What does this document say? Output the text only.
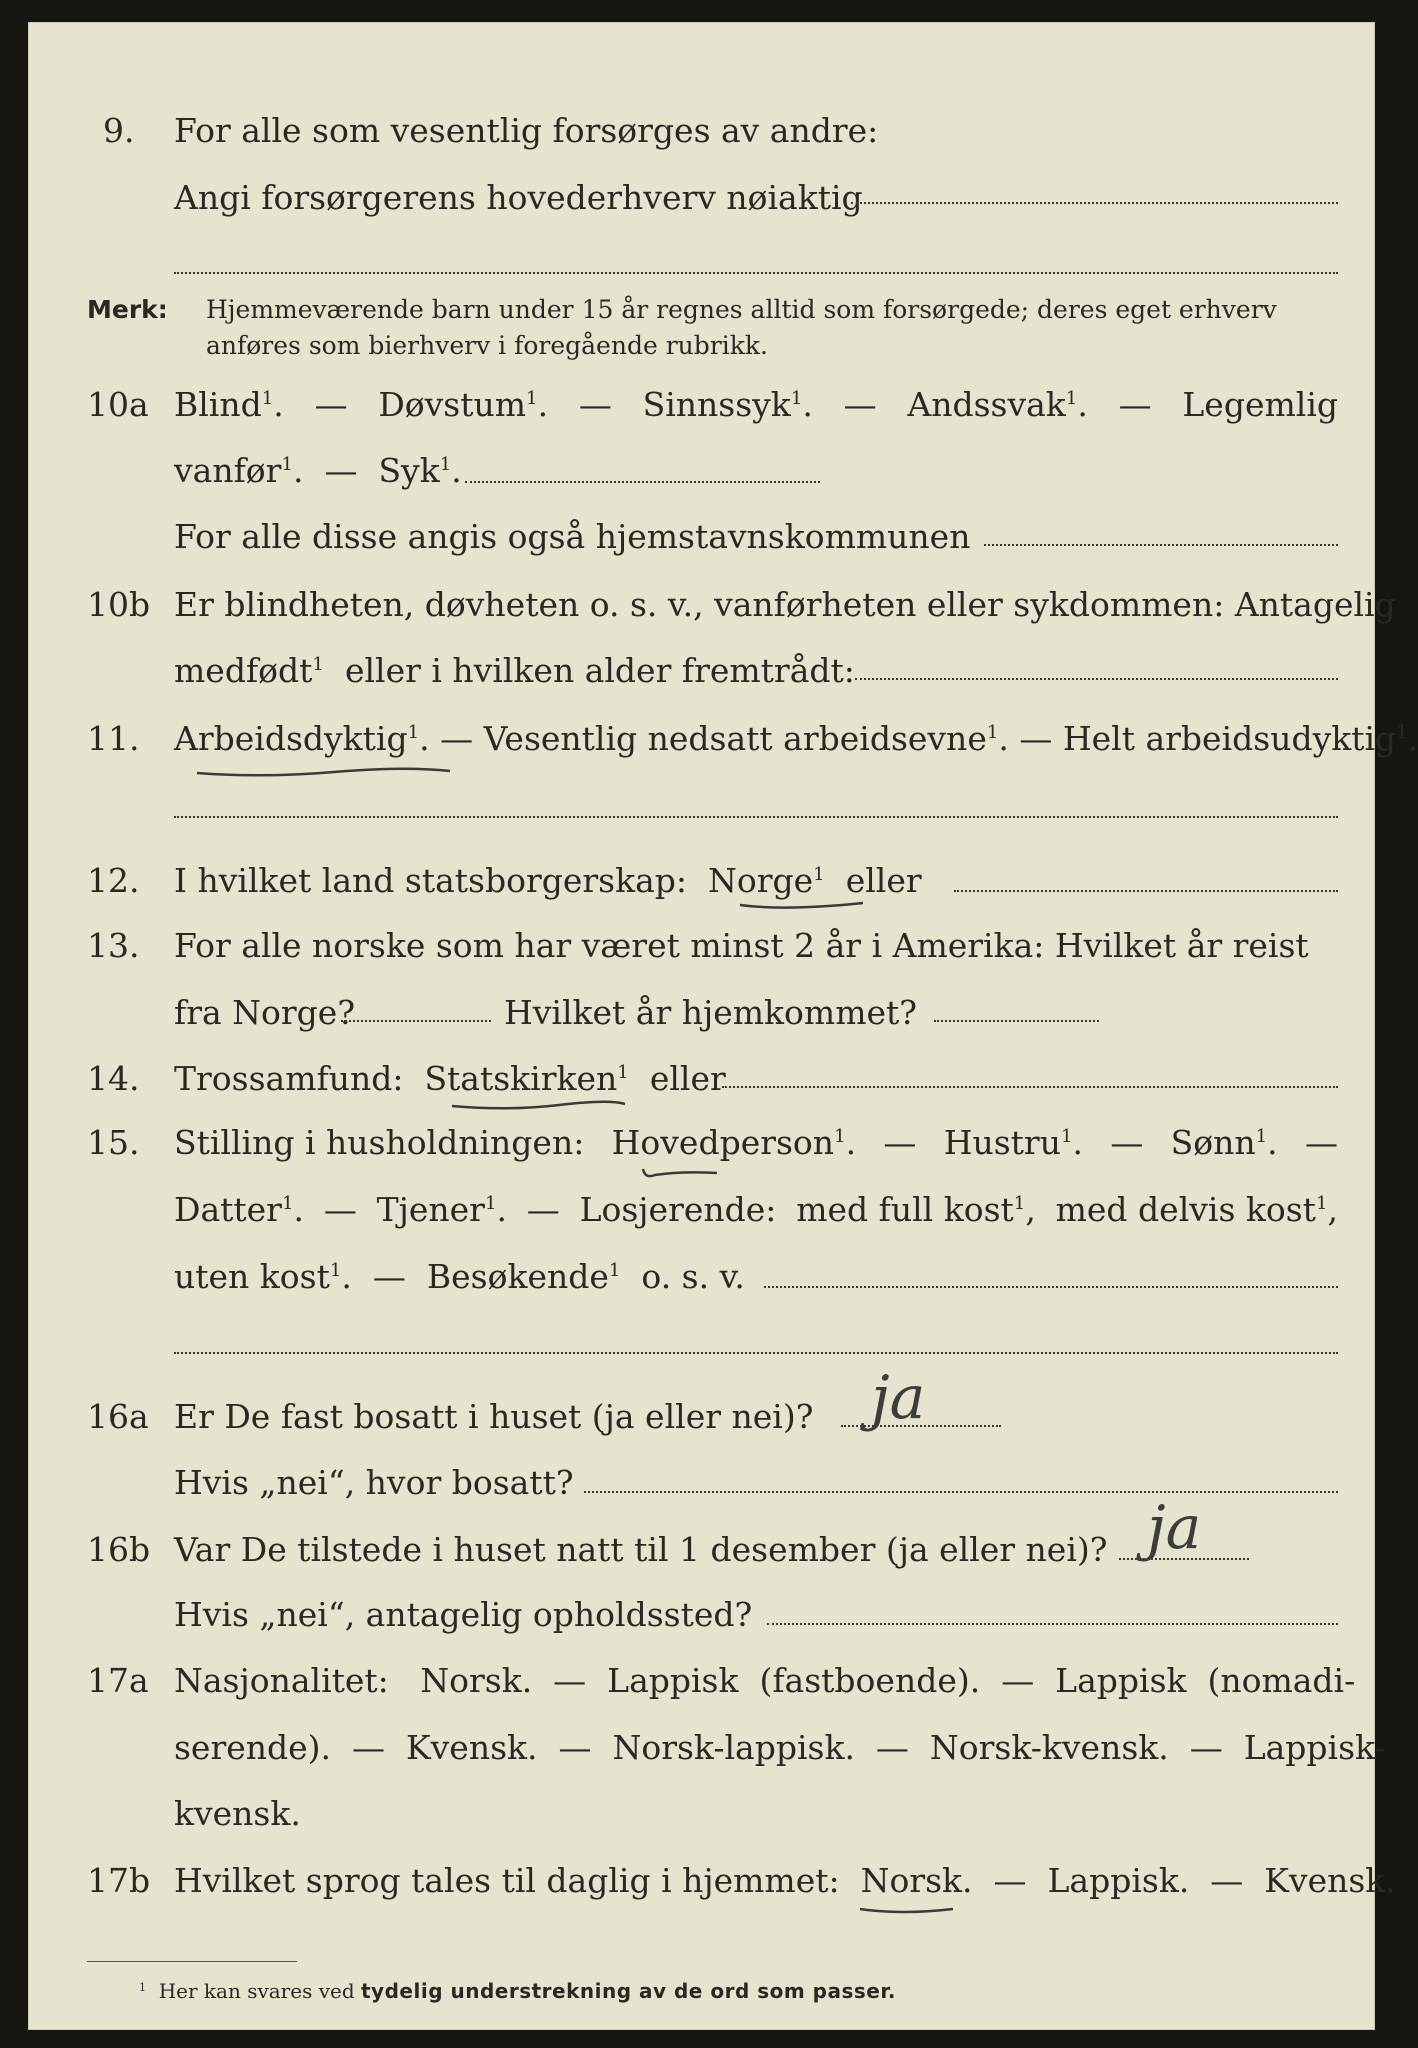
9. For alle som vesentlig forsørges av andre:
Angi forsørgerens hovederhverv nøiaktig
Merk: Hjemmeværende barn under 15 år regnes alltid som forsørgede; deres eget erhverv
anføres som bierhverv i foregående rubrikk.
10a Blind$^1$. — Døvstum$^1$. — Sinnssyk$^1$. — Andssvak$^1$. — Legemlig
vanfør$^1$.  —  Syk$^1$.
For alle disse angis også hjemstavnskommunen
10b Er blindheten, døvheten o. s. v., vanførheten eller sykdommen: Antagelig
medfødt$^1$ eller i hvilken alder fremtrådt:
11. Arbeidsdyktig$^1$. — Vesentlig nedsatt arbeidsevne$^1$. — Helt arbeidsudyktig$^1$.
12. I hvilket land statsborgerskap: Norge$^1$ eller
13. For alle norske som har været minst 2 år i Amerika: Hvilket år reist
fra Norge?	Hvilket år hjemkommet?
14. Trossamfund: Statskirken$^1$ eller
15. Stilling i husholdningen: Hovedperson$^1$. — Hustru$^1$. — Sønn$^1$. —
Datter$^1$. — Tjener$^1$. — Losjerende: med full kost$^1$, med delvis kost$^1$,
uten kost$^1$.  —  Besøkende$^1$ o. s. v.
16a Er De fast bosatt i huset (ja eller nei)? ja
Hvis „nei“, hvor bosatt?
16b Var De tilstede i huset natt til 1 desember (ja eller nei)? ja
Hvis „nei“, antagelig opholdssted?
17a Nasjonalitet:   Norsk.  —  Lappisk  (fastboende).  —  Lappisk  (nomadi-
serende).  —  Kvensk.  —  Norsk-lappisk.  —  Norsk-kvensk.  —  Lappisk-
kvensk.
17b Hvilket sprog tales til daglig i hjemmet:  Norsk.  —  Lappisk.  —  Kvensk.
$^1$ Her kan svares ved tydelig understrekning av de ord som passer.
